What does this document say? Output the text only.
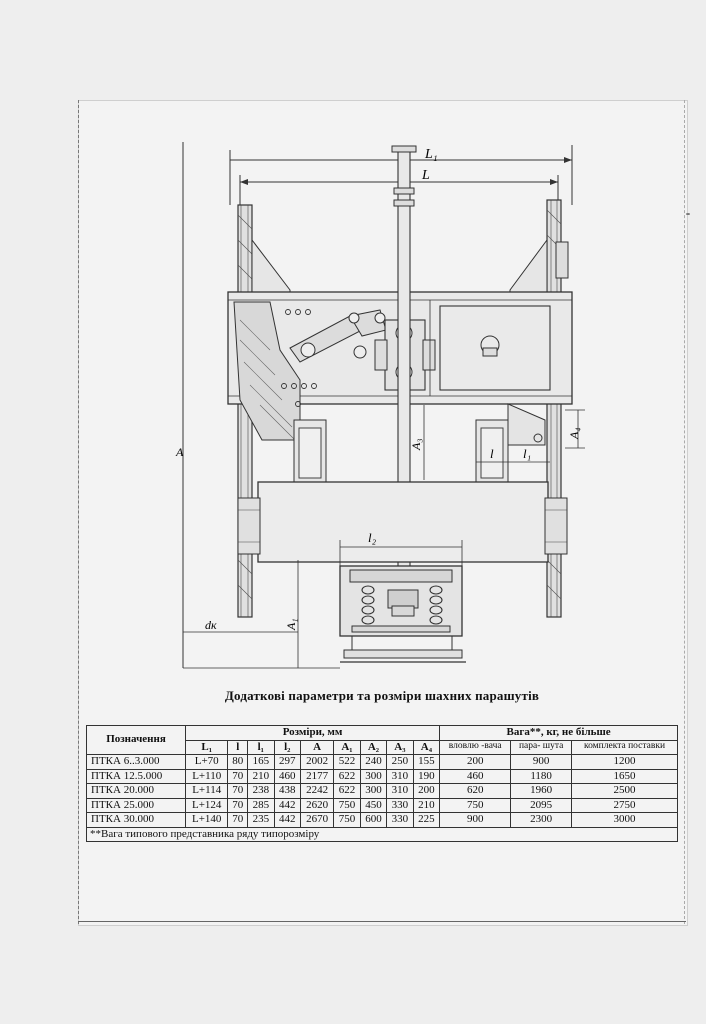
L₁
L
l l₁
A₄
A₃
l₂
A₁
dк
A
Додаткові параметри та розміри шахних парашутів
Позначення	Розміри, мм									Вага**, кг, не більше		
	L₁	l	l₁	l₂	A	A₁	A₂	A₃	A₄	вловлю -вача	пара- шута	комплекта поставки
ПТКА 6..3.000	L+70	80	165	297	2002	522	240	250	155	200	900	1200
ПТКА 12.5.000	L+110	70	210	460	2177	622	300	310	190	460	1180	1650
ПТКА 20.000	L+114	70	238	438	2242	622	300	310	200	620	1960	2500
ПТКА 25.000	L+124	70	285	442	2620	750	450	330	210	750	2095	2750
ПТКА 30.000	L+140	70	235	442	2670	750	600	330	225	900	2300	3000
**Вага типового представника ряду типорозміру												
